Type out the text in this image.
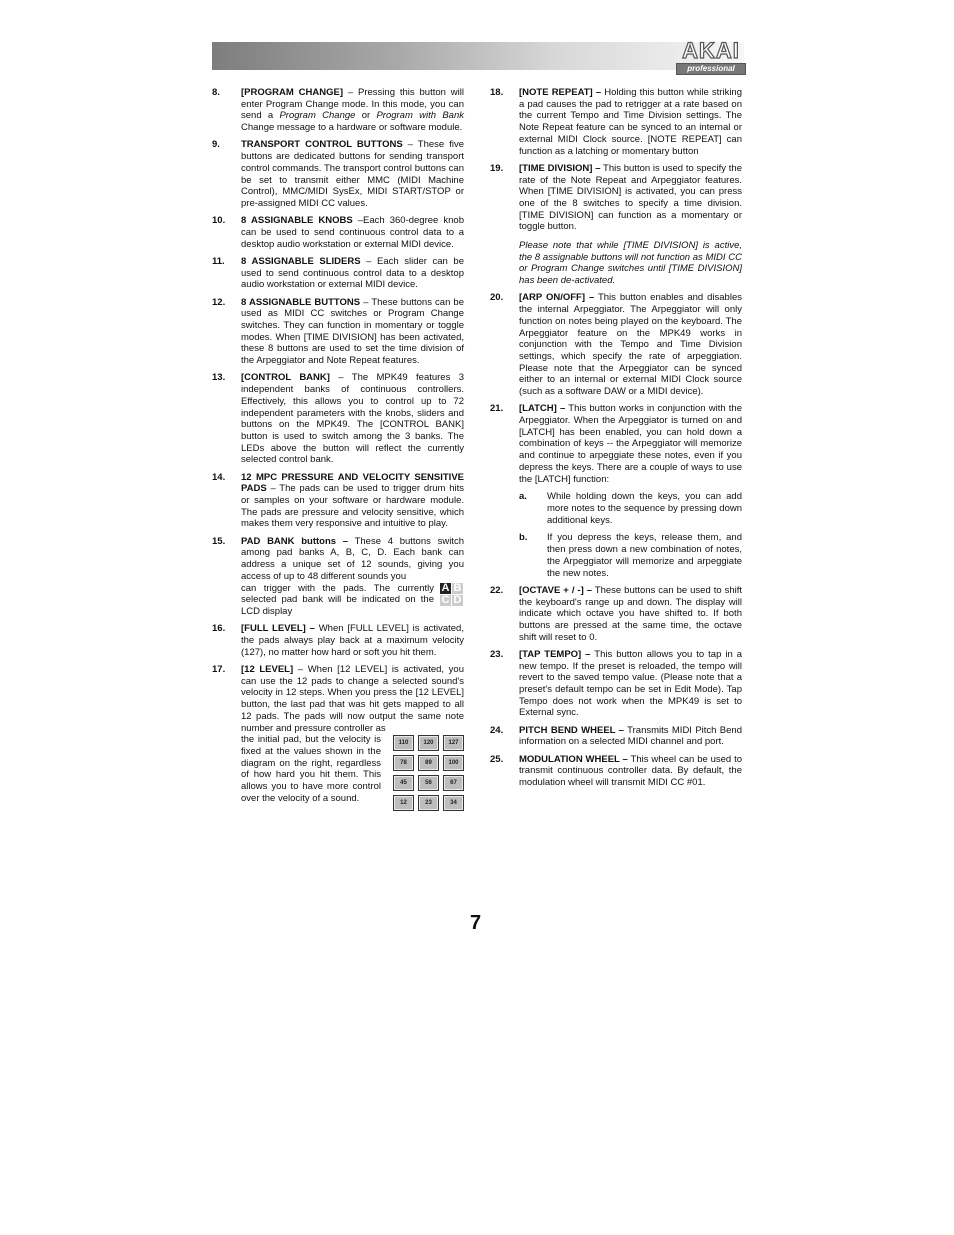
AKAI
professional
8.	[PROGRAM CHANGE] – Pressing this button will enter Program Change mode. In this mode, you can send a Program Change or Program with Bank Change message to a hardware or software module.
9.	TRANSPORT CONTROL BUTTONS – These five buttons are dedicated buttons for sending transport control commands. The transport control buttons can be set to transmit either MMC (MIDI Machine Control), MMC/MIDI SysEx, MIDI START/STOP or pre-assigned MIDI CC values.
10.	8 ASSIGNABLE KNOBS –Each 360-degree knob can be used to send continuous control data to a desktop audio workstation or external MIDI device.
11.	8 ASSIGNABLE SLIDERS – Each slider can be used to send continuous control data to a desktop audio workstation or external MIDI device.
12.	8 ASSIGNABLE BUTTONS – These buttons can be used as MIDI CC switches or Program Change switches. They can function in momentary or toggle modes. When [TIME DIVISION] has been activated, these 8 buttons are used to set the time division of the Arpeggiator and Note Repeat features.
13.	[CONTROL BANK] – The MPK49 features 3 independent banks of continuous controllers. Effectively, this allows you to control up to 72 independent parameters with the knobs, sliders and buttons on the MPK49. The [CONTROL BANK] button is used to switch among the 3 banks. The LEDs above the button will reflect the currently selected control bank.
14.	12 MPC PRESSURE AND VELOCITY SENSITIVE PADS – The pads can be used to trigger drum hits or samples on your software or hardware module. The pads are pressure and velocity sensitive, which makes them very responsive and intuitive to play.
15.	PAD BANK buttons – These 4 buttons switch among pad banks A, B, C, D. Each bank can address a unique set of 12 sounds, giving you access of up to 48 different sounds you
can trigger with the pads. The currently selected pad bank will be indicated on the LCD display
A B
C D
16.	[FULL LEVEL] – When [FULL LEVEL] is activated, the pads always play back at a maximum velocity (127), no matter how hard or soft you hit them.
17.	[12 LEVEL] – When [12 LEVEL] is activated, you can use the 12 pads to change a selected sound's velocity in 12 steps. When you press the [12 LEVEL] button, the last pad that was hit gets mapped to all 12 pads. The pads will now output the same note number and pressure controller as
the initial pad, but the velocity is fixed at the values shown in the diagram on the right, regardless of how hard you hit them. This allows you to have more control over the velocity of a sound.
110	120	127
78	89	100
45	56	67
12	23	34
18.	[NOTE REPEAT] – Holding this button while striking a pad causes the pad to retrigger at a rate based on the current Tempo and Time Division settings. The Note Repeat feature can be synced to an internal or external MIDI Clock source. [NOTE REPEAT] can function as a latching or momentary button
19.	[TIME DIVISION] – This button is used to specify the rate of the Note Repeat and Arpeggiator features. When [TIME DIVISION] is activated, you can press one of the 8 switches to specify a time division. [TIME DIVISION] can function as a momentary or toggle button.
Please note that while [TIME DIVISION] is active, the 8 assignable buttons will not function as MIDI CC or Program Change switches until [TIME DIVISION] has been de-activated.
20.	[ARP ON/OFF] – This button enables and disables the internal Arpeggiator. The Arpeggiator will only function on notes being played on the keyboard. The Arpeggiator feature on the MPK49 works in conjunction with the Tempo and Time Division settings, which specify the rate of arpeggiation. Please note that the Arpeggiator can be synced either to an internal or external MIDI Clock source (such as a software DAW or a MIDI device).
21.	[LATCH] – This button works in conjunction with the Arpeggiator. When the Arpeggiator is turned on and [LATCH] has been enabled, you can hold down a combination of keys -- the Arpeggiator will memorize and continue to arpeggiate these notes, even if you depress the keys. There are a couple of ways to use the [LATCH] function:
a.	While holding down the keys, you can add more notes to the sequence by pressing down additional keys.
b.	If you depress the keys, release them, and then press down a new combination of notes, the Arpeggiator will memorize and arpeggiate the new notes.
22.	[OCTAVE + / -] – These buttons can be used to shift the keyboard's range up and down. The display will indicate which octave you have shifted to. If both buttons are pressed at the same time, the octave shift will reset to 0.
23.	[TAP TEMPO] – This button allows you to tap in a new tempo. If the preset is reloaded, the tempo will revert to the saved tempo value. (Please note that a preset's default tempo can be set in Edit Mode). Tap Tempo does not work when the MPK49 is set to External sync.
24.	PITCH BEND WHEEL – Transmits MIDI Pitch Bend information on a selected MIDI channel and port.
25.	MODULATION WHEEL – This wheel can be used to transmit continuous controller data. By default, the modulation wheel will transmit MIDI CC #01.
7
